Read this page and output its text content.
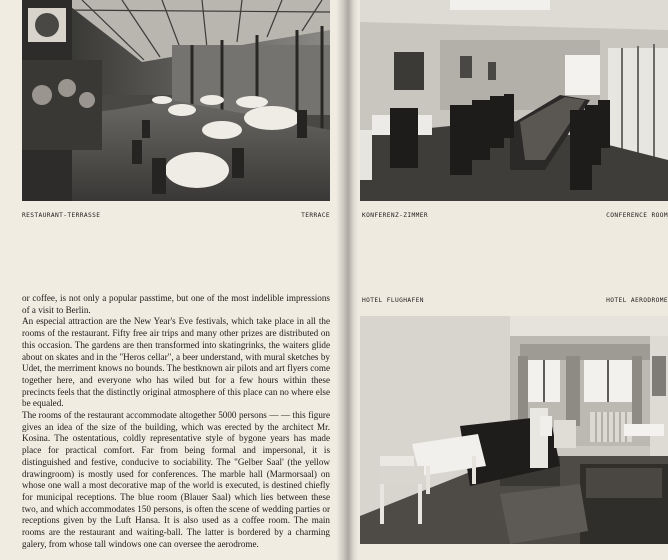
RESTAURANT-TERRASSE	TERRACE

or coffee, is not only a popular passtime, but one of the most indelible impressions of a visit to Berlin.

An especial attraction are the New Year's Eve festivals, which take place in all the rooms of the restaurant. Fifty free air trips and many other prizes are distributed on this occasion. The gardens are then transformed into skatingrinks, the waiters glide about on skates and in the "Heros cellar", a beer understand, with mural sketches by Udet, the merriment knows no bounds. The bestknown air pilots and art flyers come together here, and everyone who has wiled but for a few hours within these precincts feels that the distinctly original atmosphere of this place can no where else be equaled.

The rooms of the restaurant accommodate altogether 5000 persons — — this figure gives an idea of the size of the building, which was erected by the architect Mr. Kosina. The ostentatious, coldly representative style of bygone years has made place for practical comfort. Far from being formal and impersonal, it is distinguished and festive, conducive to sociability. The "Gelber Saal' (the yellow drawingroom) is mostly used for conferences. The marble hall (Marmorsaal) on whose one wall a most decorative map of the world is executed, is destined chiefly for municipal receptions. The blue room (Blauer Saal) which lies between these two, and which accommodates 150 persons, is often the scene of wedding parties or receptions given by the Luft Hansa. It is also used as a coffee room. The main rooms are the restaurant and waiting-ball. The latter is bordered by a charming galery, from whose tall windows one can oversee the aerodrome.

KONFERENZ-ZIMMER	CONFERENCE ROOM
HOTEL FLUGHAFEN	HOTEL AERODROME
